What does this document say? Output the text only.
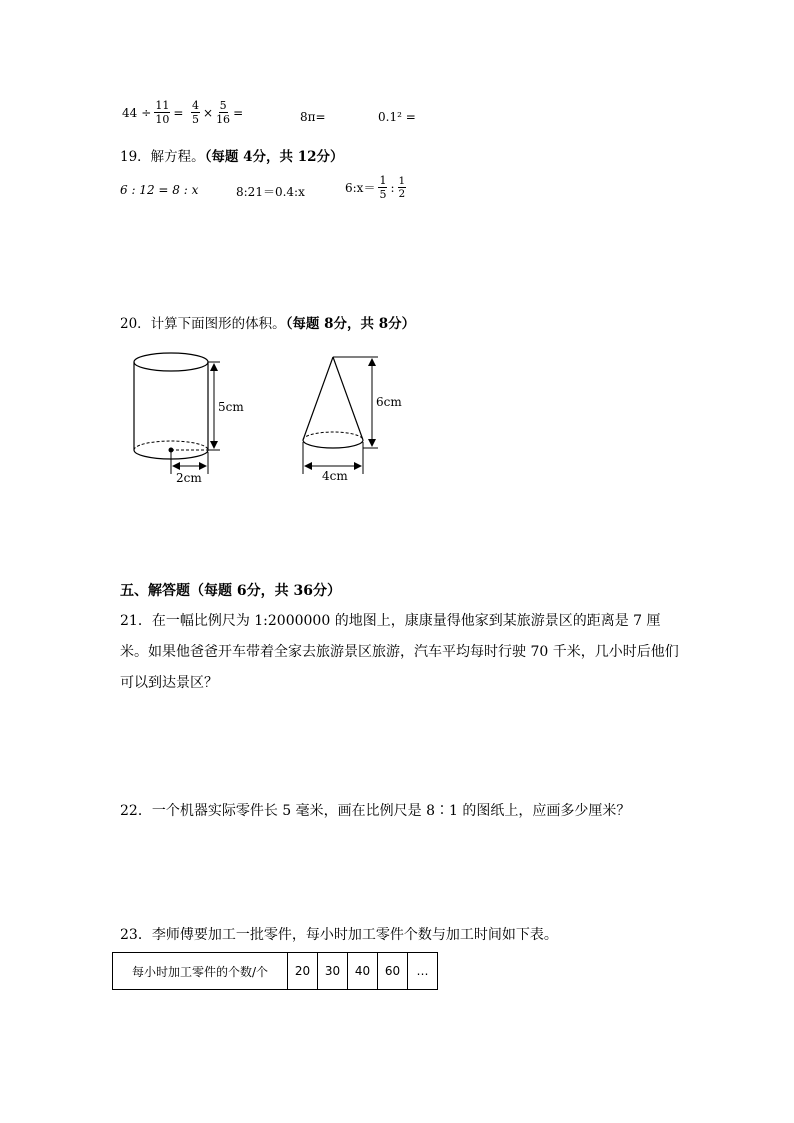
$44 \div \frac{11}{10} = \frac{4}{5} \times \frac{5}{16}$ =	8π=	0.1² =
19．解方程。（每题 4分，共 12分）
6 : 12 = 8 : x	8:21＝0.4:x	6:x＝ $\frac{1}{5}$ : $\frac{1}{2}$
20．计算下面图形的体积。（每题 8分，共 8分）
2cm
5cm	6cm
4cm
五、解答题（每题 6分，共 36分）
21．在一幅比例尺为 1:2000000 的地图上，康康量得他家到某旅游景区的距离是 7 厘米。如果他爸爸开车带着全家去旅游景区旅游，汽车平均每时行驶 70 千米，几小时后他们可以到达景区？
22．一个机器实际零件长 5 毫米，画在比例尺是 8∶1 的图纸上，应画多少厘米？
23．李师傅要加工一批零件，每小时加工零件个数与加工时间如下表。
每小时加工零件的个数/个	20	30	40	60	…
